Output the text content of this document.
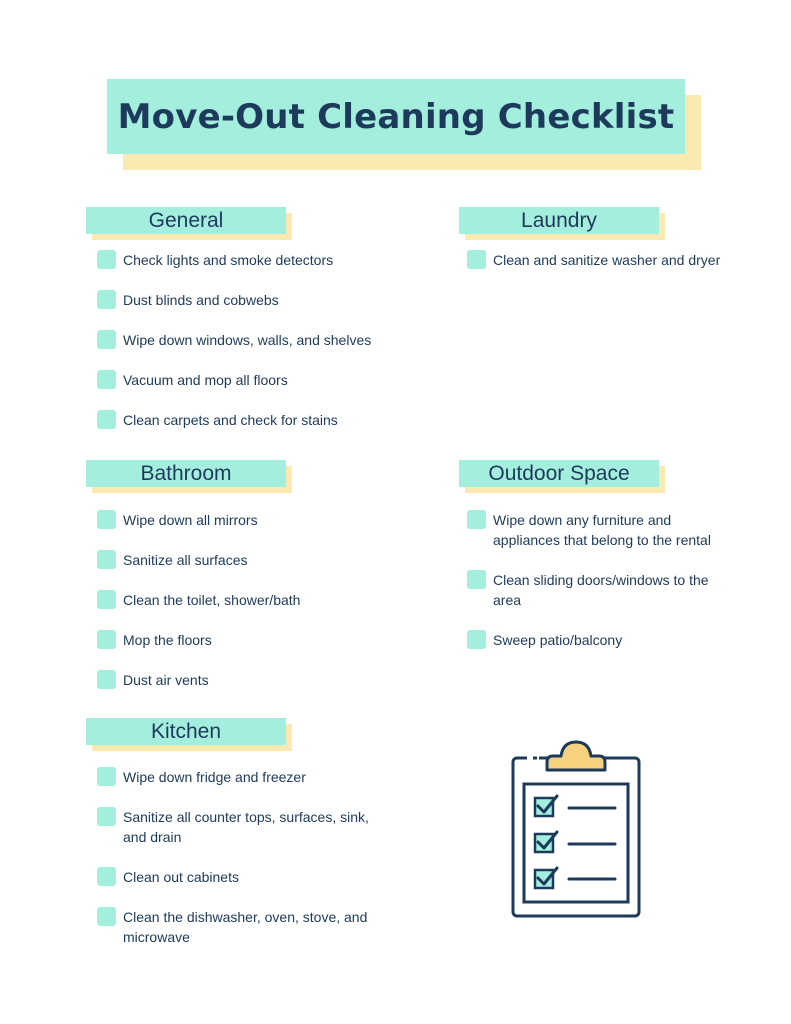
Move-Out Cleaning Checklist
General
Check lights and smoke detectors
Dust blinds and cobwebs
Wipe down windows, walls, and shelves
Vacuum and mop all floors
Clean carpets and check for stains
Laundry
Clean and sanitize washer and dryer
Bathroom
Wipe down all mirrors
Sanitize all surfaces
Clean the toilet, shower/bath
Mop the floors
Dust air vents
Outdoor Space
Wipe down any furniture and
appliances that belong to the rental
Clean sliding doors/windows to the
area
Sweep patio/balcony
Kitchen
Wipe down fridge and freezer
Sanitize all counter tops, surfaces, sink,
and drain
Clean out cabinets
Clean the dishwasher, oven, stove, and
microwave
